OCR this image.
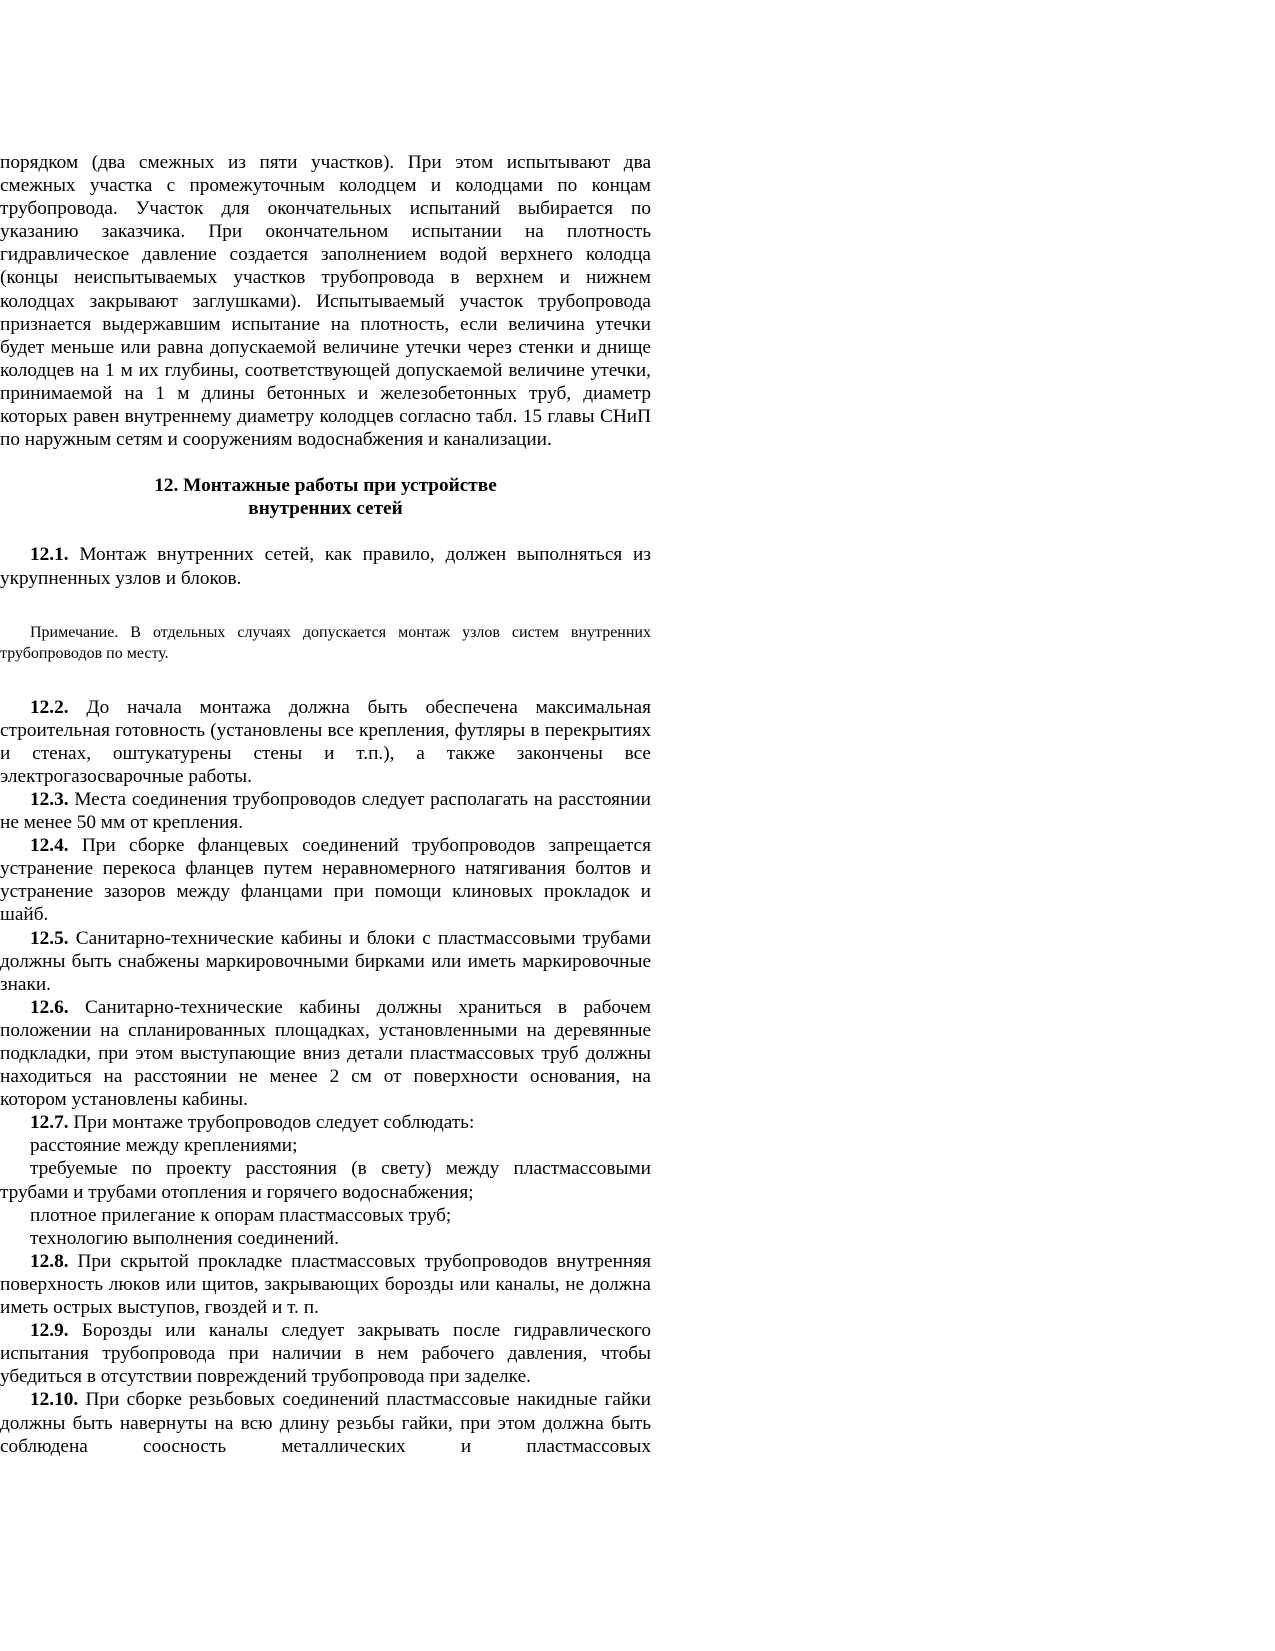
порядком (два смежных из пяти участков). При этом испытывают два смежных участка с промежуточным колодцем и колодцами по концам трубопровода. Участок для окончательных испытаний выбирается по указанию заказчика. При окончательном испытании на плотность гидравлическое давление создается заполнением водой верхнего колодца (концы неиспытываемых участков трубопровода в верхнем и нижнем колодцах закрывают заглушками). Испытываемый участок трубопровода признается выдержавшим испытание на плотность, если величина утечки будет меньше или равна допускаемой величине утечки через стенки и днище колодцев на 1 м их глубины, соответствующей допускаемой величине утечки, принимаемой на 1 м длины бетонных и железобетонных труб, диаметр которых равен внутреннему диаметру колодцев согласно табл. 15 главы СНиП по наружным сетям и сооружениям водоснабжения и канализации.

12. Монтажные работы при устройстве
внутренних сетей

12.1. Монтаж внутренних сетей, как правило, должен выполняться из укрупненных узлов и блоков.

Примечание. В отдельных случаях допускается монтаж узлов систем внутренних трубопроводов по месту.

12.2. До начала монтажа должна быть обеспечена максимальная строительная готовность (установлены все крепления, футляры в перекрытиях и стенах, оштукатурены стены и т.п.), а также закончены все электрогазосварочные работы.

12.3. Места соединения трубопроводов следует располагать на расстоянии не менее 50 мм от крепления.

12.4. При сборке фланцевых соединений трубопроводов запрещается устранение перекоса фланцев путем неравномерного натягивания болтов и устранение зазоров между фланцами при помощи клиновых прокладок и шайб.

12.5. Санитарно-технические кабины и блоки с пластмассовыми трубами должны быть снабжены маркировочными бирками или иметь маркировочные знаки.

12.6. Санитарно-технические кабины должны храниться в рабочем положении на спланированных площадках, установленными на деревянные подкладки, при этом выступающие вниз детали пластмассовых труб должны находиться на расстоянии не менее 2 см от поверхности основания, на котором установлены кабины.

12.7. При монтаже трубопроводов следует соблюдать:

расстояние между креплениями;

требуемые по проекту расстояния (в свету) между пластмассовыми трубами и трубами отопления и горячего водоснабжения;

плотное прилегание к опорам пластмассовых труб;

технологию выполнения соединений.

12.8. При скрытой прокладке пластмассовых трубопроводов внутренняя поверхность люков или щитов, закрывающих борозды или каналы, не должна иметь острых выступов, гвоздей и т. п.

12.9. Борозды или каналы следует закрывать после гидравлического испытания трубопровода при наличии в нем рабочего давления, чтобы убедиться в отсутствии повреждений трубопровода при заделке.

12.10. При сборке резьбовых соединений пластмассовые накидные гайки должны быть навернуты на всю длину резьбы гайки, при этом должна быть соблюдена соосность металлических и пластмассовых
